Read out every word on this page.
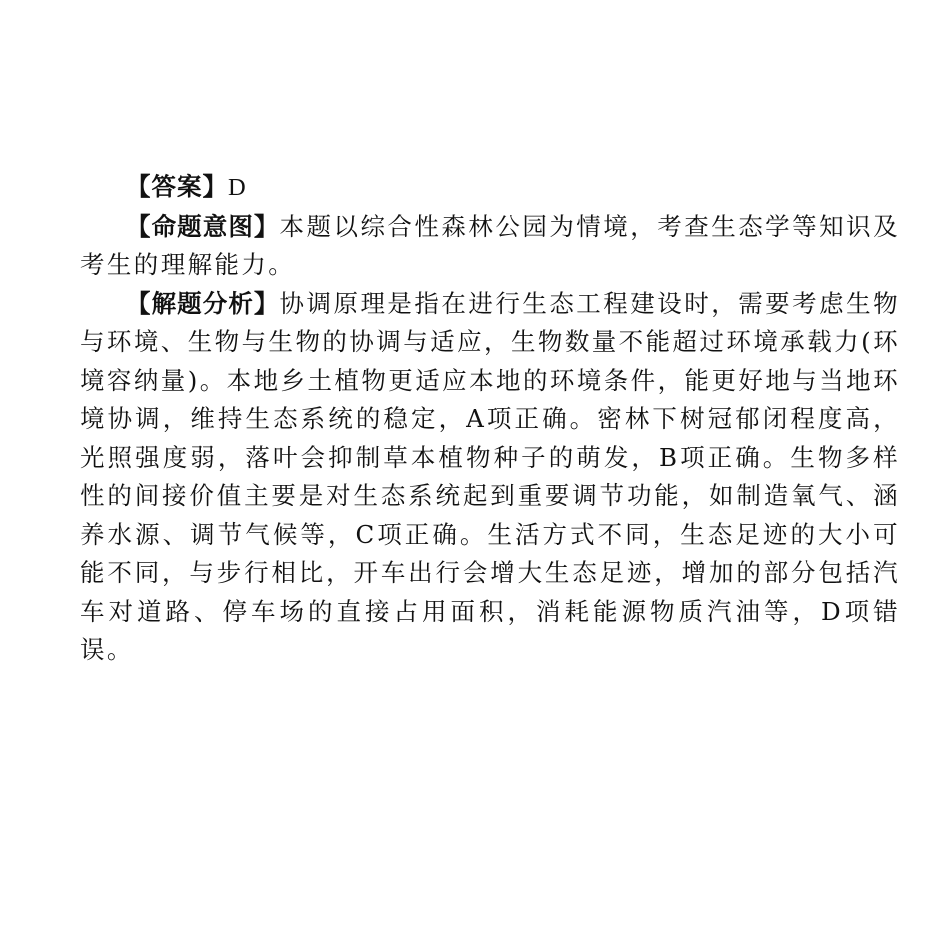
【答案】D

【命题意图】本题以综合性森林公园为情境，考查生态学等知识及考生的理解能力。

【解题分析】协调原理是指在进行生态工程建设时，需要考虑生物与环境、生物与生物的协调与适应，生物数量不能超过环境承载力(环境容纳量)。本地乡土植物更适应本地的环境条件，能更好地与当地环境协调，维持生态系统的稳定，A项正确。密林下树冠郁闭程度高，光照强度弱，落叶会抑制草本植物种子的萌发，B项正确。生物多样性的间接价值主要是对生态系统起到重要调节功能，如制造氧气、涵养水源、调节气候等，C项正确。生活方式不同，生态足迹的大小可能不同，与步行相比，开车出行会增大生态足迹，增加的部分包括汽车对道路、停车场的直接占用面积，消耗能源物质汽油等，D项错误。
